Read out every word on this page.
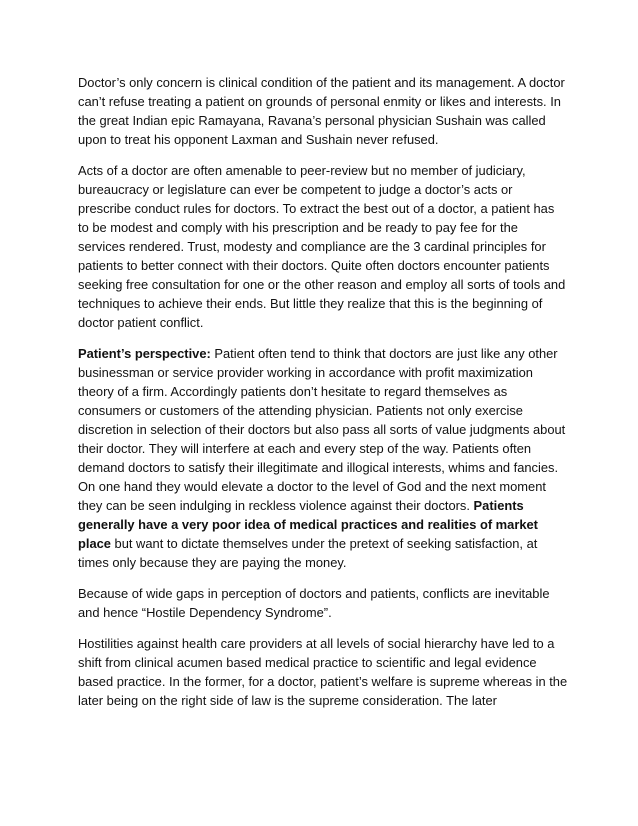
Doctor’s only concern is clinical condition of the patient and its management. A doctor can’t refuse treating a patient on grounds of personal enmity or likes and interests. In the great Indian epic Ramayana, Ravana’s personal physician Sushain was called upon to treat his opponent Laxman and Sushain never refused.

Acts of a doctor are often amenable to peer-review but no member of judiciary, bureaucracy or legislature can ever be competent to judge a doctor’s acts or prescribe conduct rules for doctors. To extract the best out of a doctor, a patient has to be modest and comply with his prescription and be ready to pay fee for the services rendered. Trust, modesty and compliance are the 3 cardinal principles for patients to better connect with their doctors. Quite often doctors encounter patients seeking free consultation for one or the other reason and employ all sorts of tools and techniques to achieve their ends. But little they realize that this is the beginning of doctor patient conflict.

Patient’s perspective: Patient often tend to think that doctors are just like any other businessman or service provider working in accordance with profit maximization theory of a firm. Accordingly patients don’t hesitate to regard themselves as consumers or customers of the attending physician. Patients not only exercise discretion in selection of their doctors but also pass all sorts of value judgments about their doctor. They will interfere at each and every step of the way. Patients often demand doctors to satisfy their illegitimate and illogical interests, whims and fancies. On one hand they would elevate a doctor to the level of God and the next moment they can be seen indulging in reckless violence against their doctors. Patients generally have a very poor idea of medical practices and realities of market place but want to dictate themselves under the pretext of seeking satisfaction, at times only because they are paying the money.

Because of wide gaps in perception of doctors and patients, conflicts are inevitable and hence “Hostile Dependency Syndrome”.

Hostilities against health care providers at all levels of social hierarchy have led to a shift from clinical acumen based medical practice to scientific and legal evidence based practice. In the former, for a doctor, patient’s welfare is supreme whereas in the later being on the right side of law is the supreme consideration. The later
